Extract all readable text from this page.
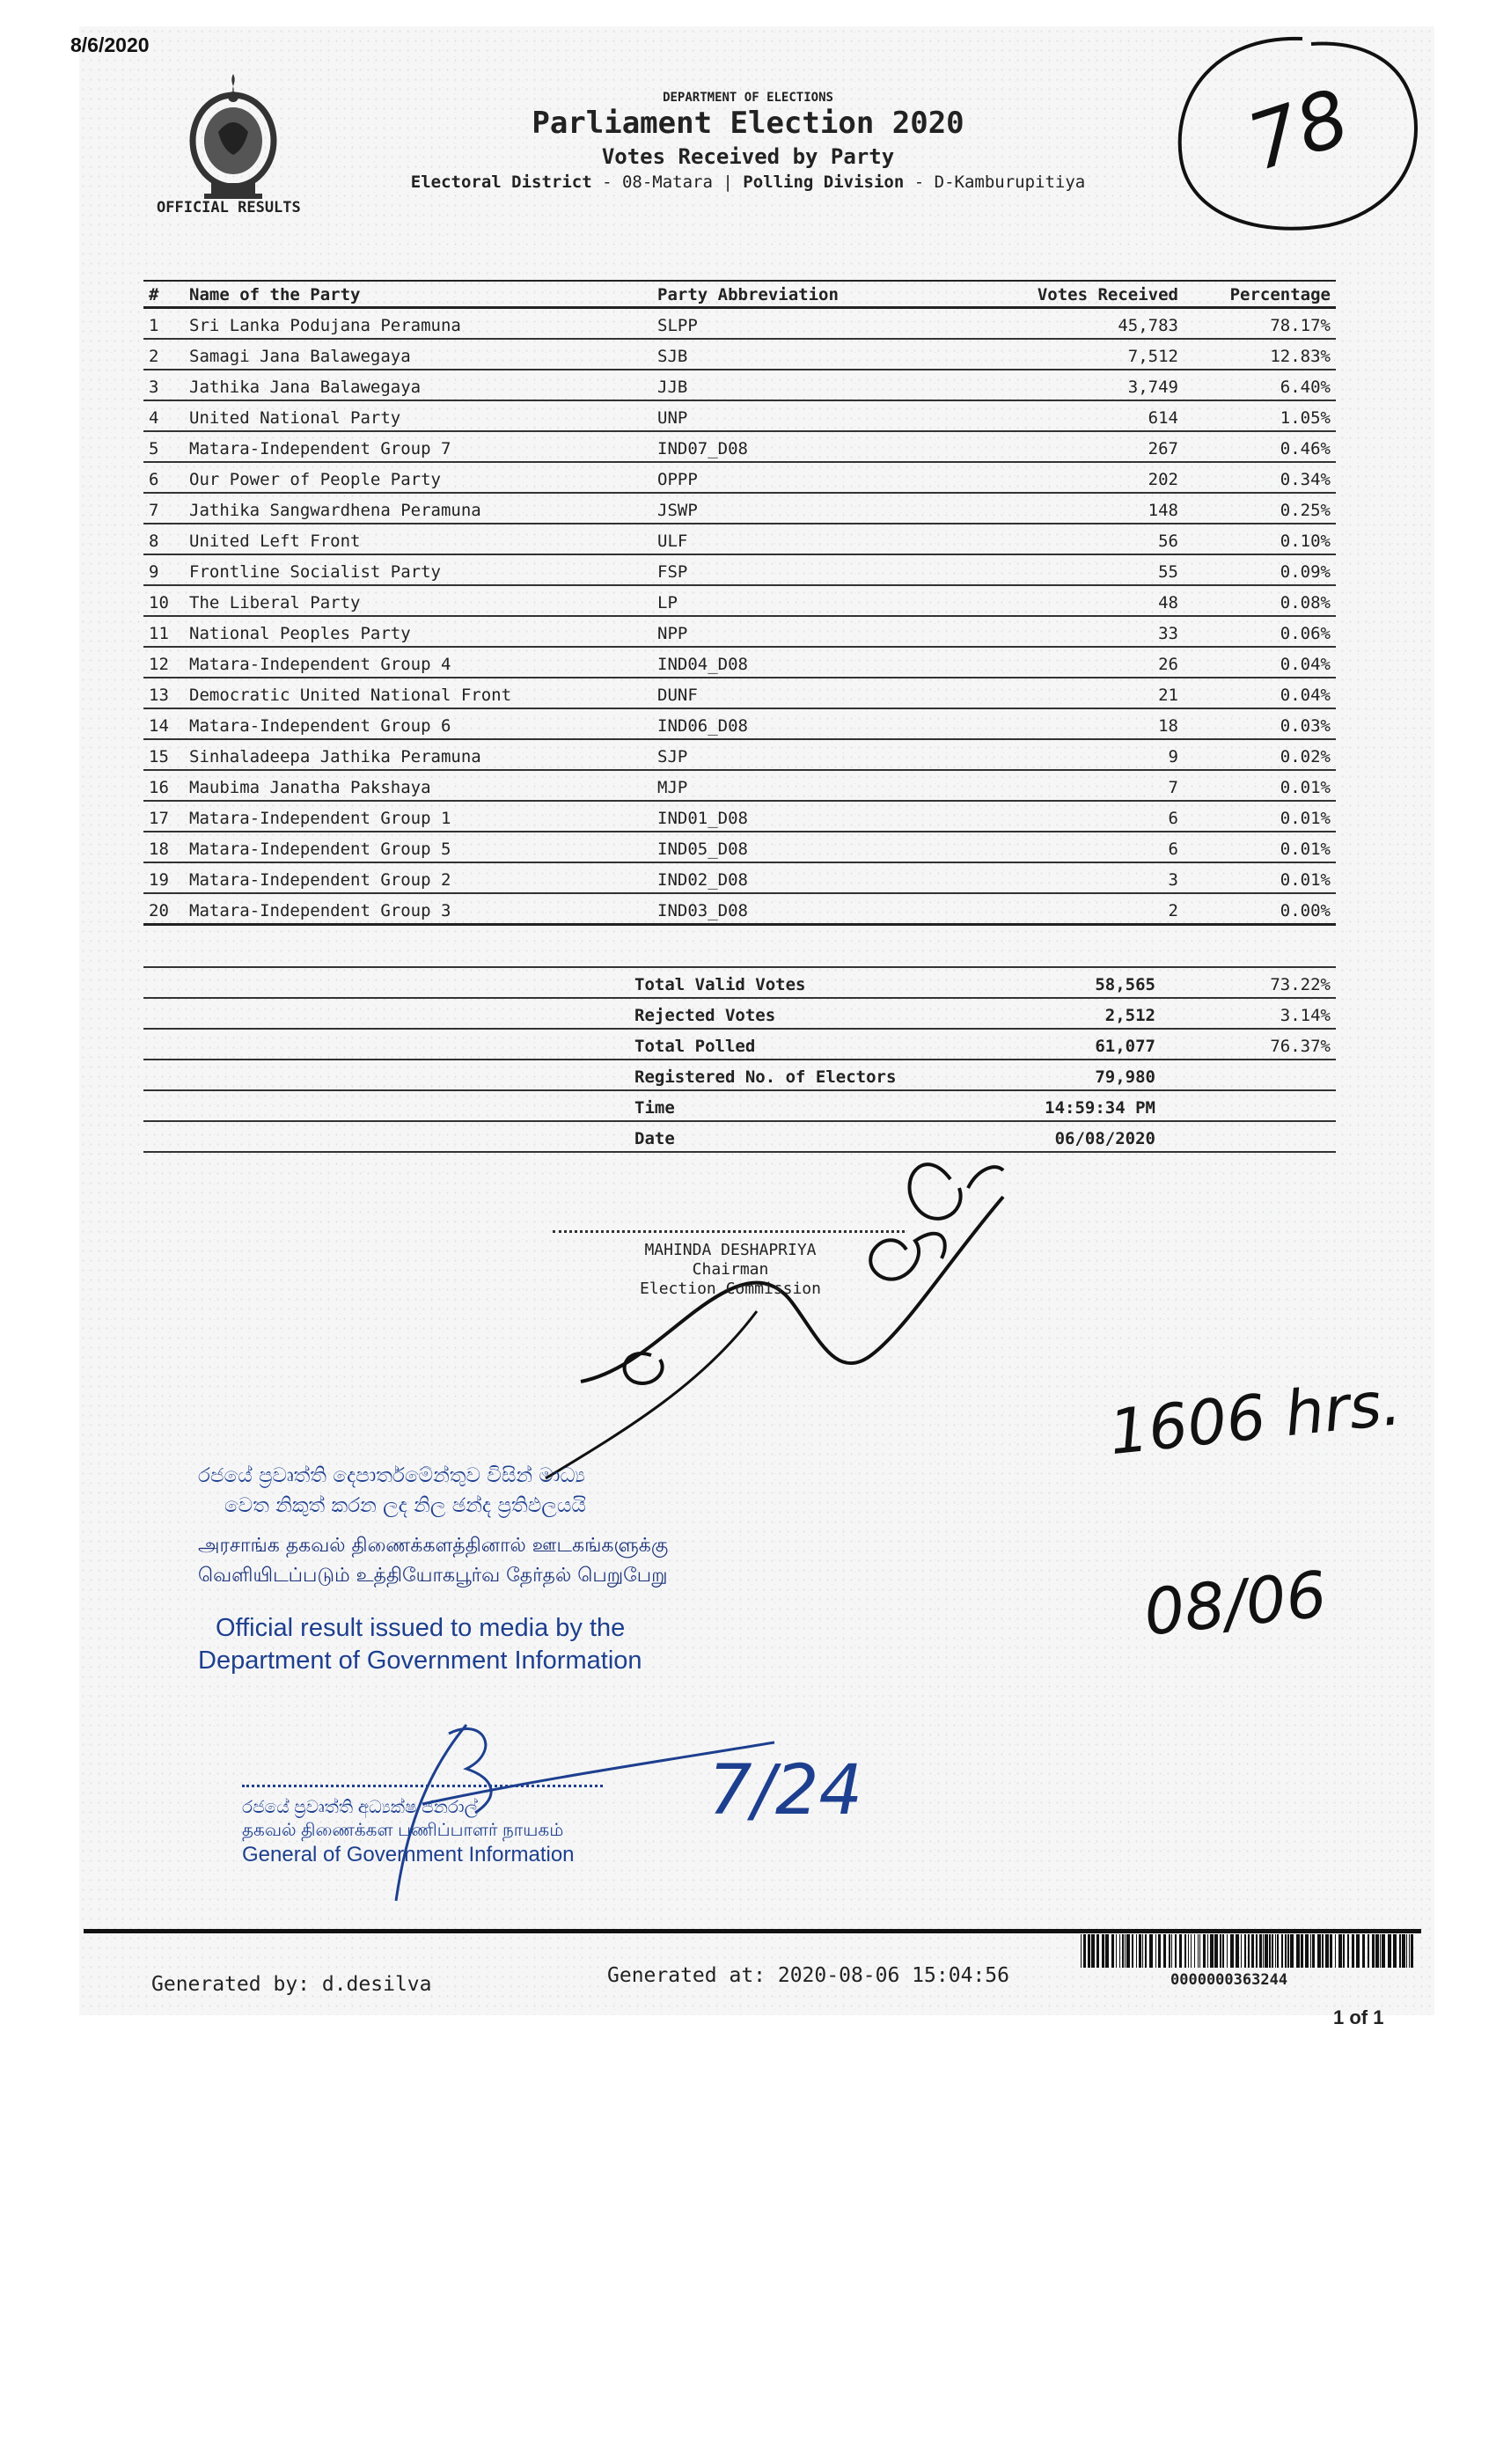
8/6/2020
OFFICIAL RESULTS
DEPARTMENT OF ELECTIONS
Parliament Election 2020
Votes Received by Party
Electoral District - 08-Matara | Polling Division - D-Kamburupitiya	78
#	Name of the Party	Party Abbreviation	Votes Received	Percentage
1	Sri Lanka Podujana Peramuna	SLPP	45,783	78.17%
2	Samagi Jana Balawegaya	SJB	7,512	12.83%
3	Jathika Jana Balawegaya	JJB	3,749	6.40%
4	United National Party	UNP	614	1.05%
5	Matara-Independent Group 7	IND07_D08	267	0.46%
6	Our Power of People Party	OPPP	202	0.34%
7	Jathika Sangwardhena Peramuna	JSWP	148	0.25%
8	United Left Front	ULF	56	0.10%
9	Frontline Socialist Party	FSP	55	0.09%
10	The Liberal Party	LP	48	0.08%
11	National Peoples Party	NPP	33	0.06%
12	Matara-Independent Group 4	IND04_D08	26	0.04%
13	Democratic United National Front	DUNF	21	0.04%
14	Matara-Independent Group 6	IND06_D08	18	0.03%
15	Sinhaladeepa Jathika Peramuna	SJP	9	0.02%
16	Maubima Janatha Pakshaya	MJP	7	0.01%
17	Matara-Independent Group 1	IND01_D08	6	0.01%
18	Matara-Independent Group 5	IND05_D08	6	0.01%
19	Matara-Independent Group 2	IND02_D08	3	0.01%
20	Matara-Independent Group 3	IND03_D08	2	0.00%
	Total Valid Votes	58,565	73.22%
	Rejected Votes	2,512	3.14%
	Total Polled	61,077	76.37%
	Registered No. of Electors	79,980	
	Time	14:59:34 PM	
	Date	06/08/2020	
MAHINDA DESHAPRIYA
Chairman
Election Commission
1606 hrs.
08/06
රජයේ ප්‍රවෘත්ති දෙපාර්තමේන්තුව විසින් මාධ්‍ය
වෙත නිකුත් කරන ලද නිල ඡන්ද ප්‍රතිඵලයයි
அரசாங்க தகவல் திணைக்களத்தினால் ஊடகங்களுக்கு
வெளியிடப்படும் உத்தியோகபூர்வ தேர்தல் பெறுபேறு
Official result issued to media by the
Department of Government Information
7/24
රජයේ ප්‍රවෘත්ති අධ්‍යක්ෂ ජනරාල්
தகவல் திணைக்கள பணிப்பாளர் நாயகம்
General of Government Information
Generated by: d.desilva	Generated at: 2020-08-06 15:04:56	0000000363244
1 of 1
